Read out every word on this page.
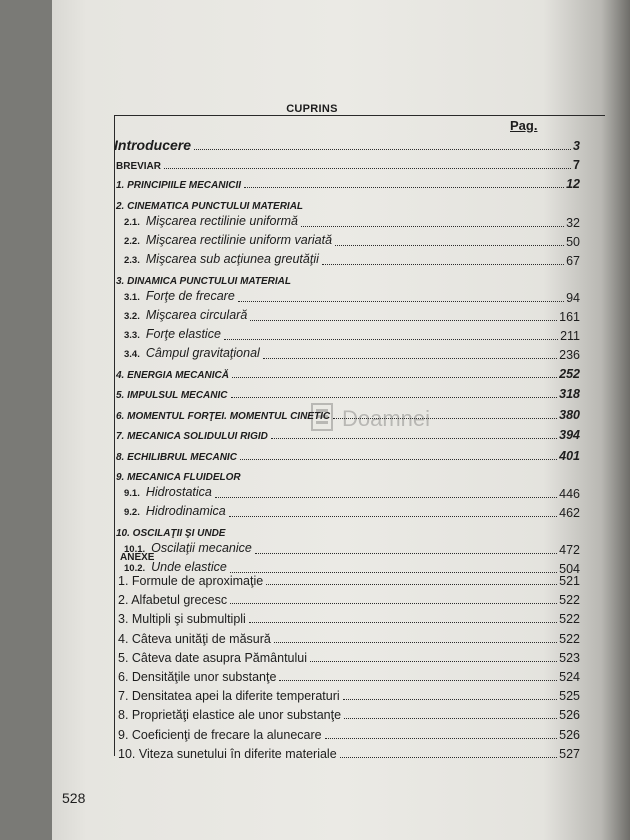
CUPRINS
Pag.
Introducere	3
BREVIAR	7
1. PRINCIPIILE MECANICII	12
2. CINEMATICA PUNCTULUI MATERIAL
2.1. Mişcarea rectilinie uniformă	32
2.2. Mişcarea rectilinie uniform variată	50
2.3. Mişcarea sub acţiunea greutăţii	67
3. DINAMICA PUNCTULUI MATERIAL
3.1. Forţe de frecare	94
3.2. Mişcarea circulară	161
3.3. Forţe elastice	211
3.4. Câmpul gravitaţional	236
4. ENERGIA MECANICĂ	252
5. IMPULSUL MECANIC	318
6. MOMENTUL FORŢEI. MOMENTUL CINETIC	380
7. MECANICA SOLIDULUI RIGID	394
8. ECHILIBRUL MECANIC	401
9. MECANICA FLUIDELOR
9.1. Hidrostatica	446
9.2. Hidrodinamica	462
10. OSCILAŢII ŞI UNDE
10.1. Oscilaţii mecanice	472
10.2. Unde elastice	504
ANEXE
1. Formule de aproximaţie	521
2. Alfabetul grecesc	522
3. Multipli şi submultipli	522
4. Câteva unităţi de măsură	522
5. Câteva date asupra Pământului	523
6. Densităţile unor substanţe	524
7. Densitatea apei la diferite temperaturi	525
8. Proprietăţi elastice ale unor substanţe	526
9. Coeficienţi de frecare la alunecare	526
10. Viteza sunetului în diferite materiale	527
Doamnei
528
